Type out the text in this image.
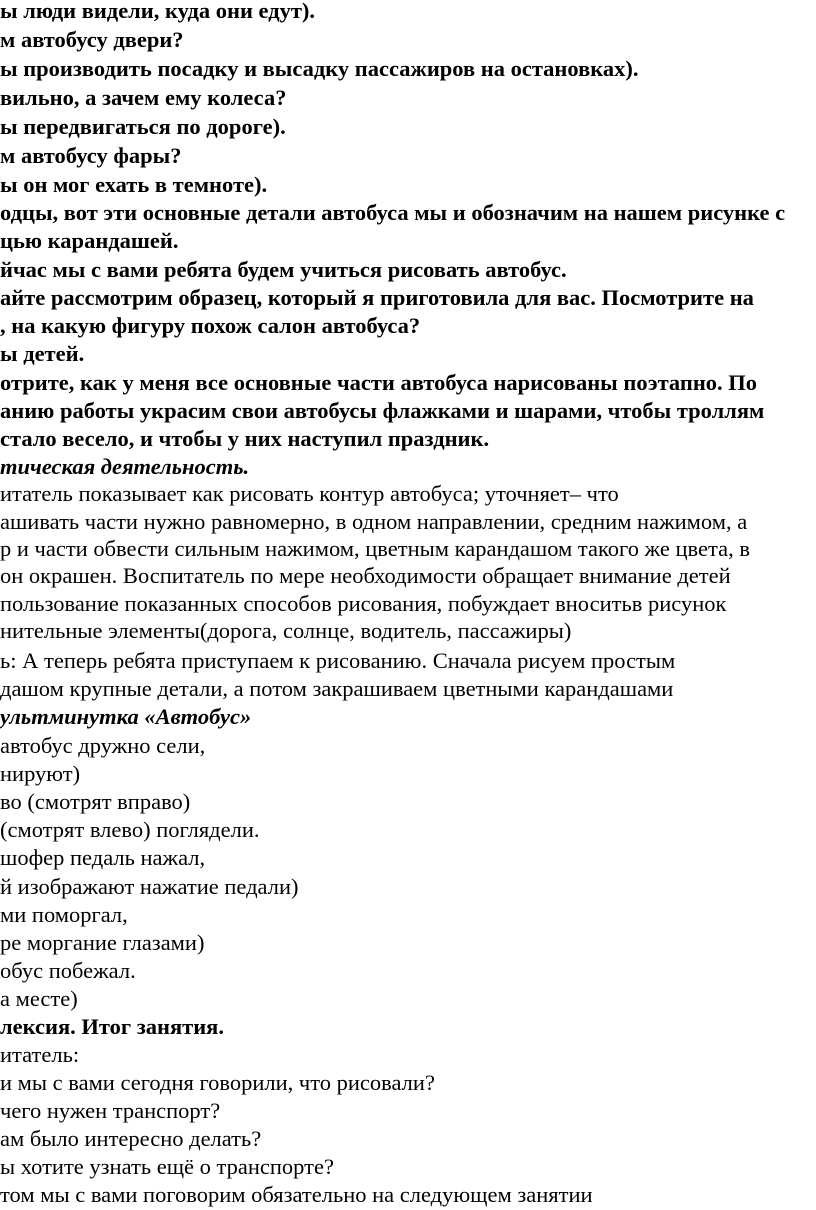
ы люди видели, куда они едут).
м автобусу двери?
ы производить посадку и высадку пассажиров на остановках).
вильно, а зачем ему колеса?
ы передвигаться по дороге).
м автобусу фары?
ы он мог ехать в темноте).
одцы, вот эти основные детали автобуса мы и обозначим на нашем рисунке с
цью карандашей.
йчас мы с вами ребята будем учиться рисовать автобус.
айте рассмотрим образец, который я приготовила для вас. Посмотрите на
, на какую фигуру похож салон автобуса?
ы детей.
отрите, как у меня все основные части автобуса нарисованы поэтапно. По
анию работы украсим свои автобусы флажками и шарами, чтобы троллям
стало весело, и чтобы у них наступил праздник.
тическая деятельность.
итатель показывает как рисовать контур автобуса; уточняет– что
ашивать части нужно равномерно, в одном направлении, средним нажимом, а
р и части обвести сильным нажимом, цветным карандашом такого же цвета, в
он окрашен. Воспитатель по мере необходимости обращает внимание детей
пользование показанных способов рисования, побуждает вноситьв рисунок
нительные элементы(дорога, солнце, водитель, пассажиры)
ь: А теперь ребята приступаем к рисованию. Сначала рисуем простым
дашом крупные детали, а потом закрашиваем цветными карандашами
ультминутка «Автобус»
автобус дружно сели,
нируют)
во (смотрят вправо)
(смотрят влево) поглядели.
шофер педаль нажал,
й изображают нажатие педали)
ми поморгал,
ре моргание глазами)
обус побежал.
а месте)
лексия. Итог занятия.
итатель:
и мы с вами сегодня говорили, что рисовали?
чего нужен транспорт?
ам было интересно делать?
ы хотите узнать ещё о транспорте?
том мы с вами поговорим обязательно на следующем занятии
